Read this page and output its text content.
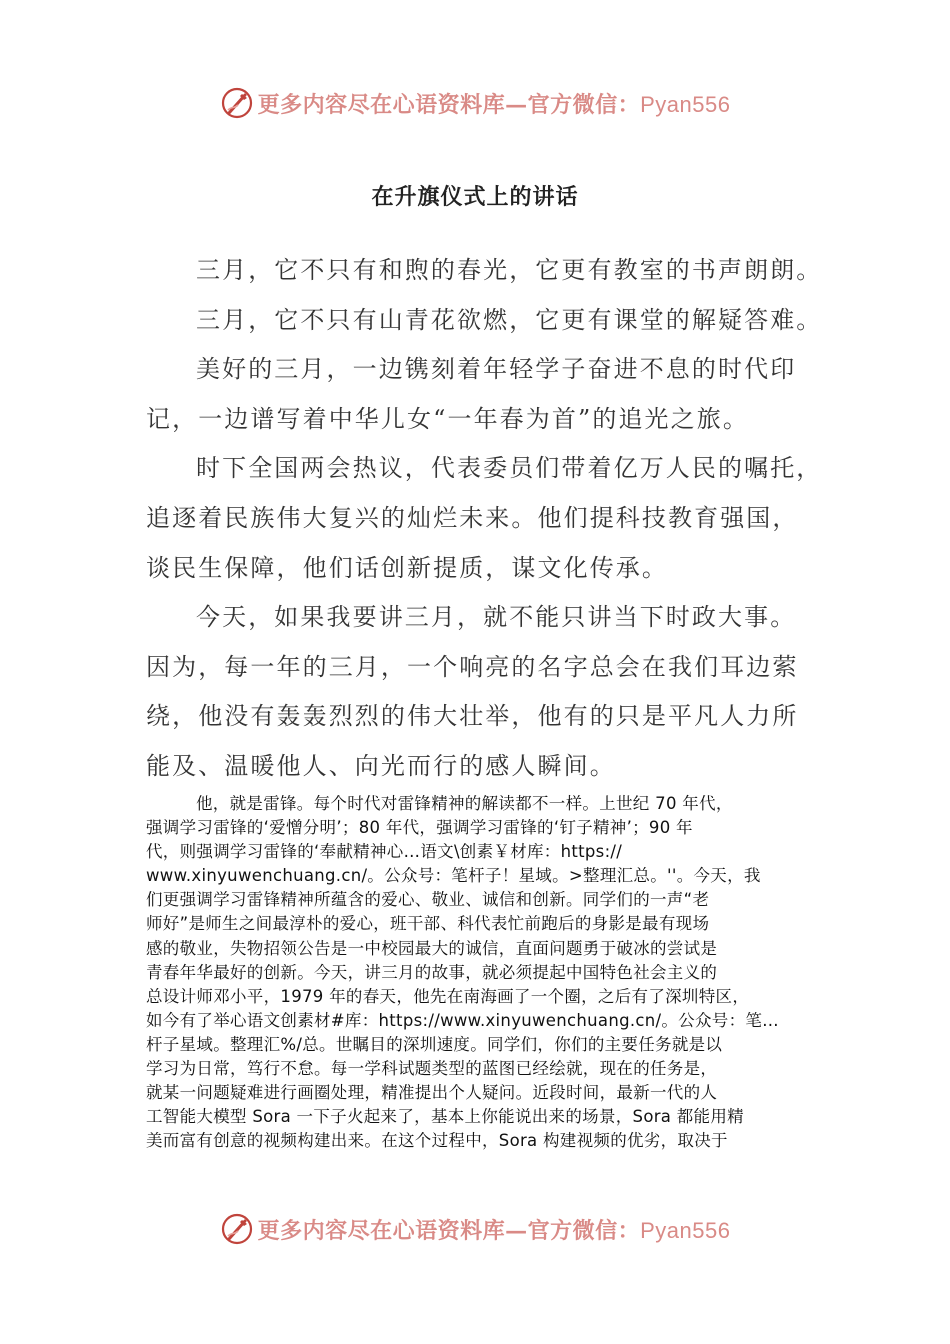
更多内容尽在心语资料库—官方微信：Pyan556
在升旗仪式上的讲话
三月，它不只有和煦的春光，它更有教室的书声朗朗。
三月，它不只有山青花欲燃，它更有课堂的解疑答难。
美好的三月，一边镌刻着年轻学子奋进不息的时代印
记，一边谱写着中华儿女“一年春为首”的追光之旅。
时下全国两会热议，代表委员们带着亿万人民的嘱托，
追逐着民族伟大复兴的灿烂未来。他们提科技教育强国，
谈民生保障，他们话创新提质，谋文化传承。
今天，如果我要讲三月，就不能只讲当下时政大事。
因为，每一年的三月，一个响亮的名字总会在我们耳边萦
绕，他没有轰轰烈烈的伟大壮举，他有的只是平凡人力所
能及、温暖他人、向光而行的感人瞬间。
他，就是雷锋。每个时代对雷锋精神的解读都不一样。上世纪 70 年代，
强调学习雷锋的‘爱憎分明’；80 年代，强调学习雷锋的‘钉子精神’；90 年
代，则强调学习雷锋的‘奉献精神心…语文\创素￥材库：https://
www.xinyuwenchuang.cn/。公众号：笔杆子！星域。>整理汇总。''。今天，我
们更强调学习雷锋精神所蕴含的爱心、敬业、诚信和创新。同学们的一声“老
师好”是师生之间最淳朴的爱心，班干部、科代表忙前跑后的身影是最有现场
感的敬业，失物招领公告是一中校园最大的诚信，直面问题勇于破冰的尝试是
青春年华最好的创新。今天，讲三月的故事，就必须提起中国特色社会主义的
总设计师邓小平，1979 年的春天，他先在南海画了一个圈，之后有了深圳特区，
如今有了举心语文创素材#库：https://www.xinyuwenchuang.cn/。公众号：笔…
杆子星域。整理汇%/总。世瞩目的深圳速度。同学们，你们的主要任务就是以
学习为日常，笃行不怠。每一学科试题类型的蓝图已经绘就，现在的任务是，
就某一问题疑难进行画圈处理，精准提出个人疑问。近段时间，最新一代的人
工智能大模型 Sora 一下子火起来了，基本上你能说出来的场景，Sora 都能用精
美而富有创意的视频构建出来。在这个过程中，Sora 构建视频的优劣，取决于
更多内容尽在心语资料库—官方微信：Pyan556
